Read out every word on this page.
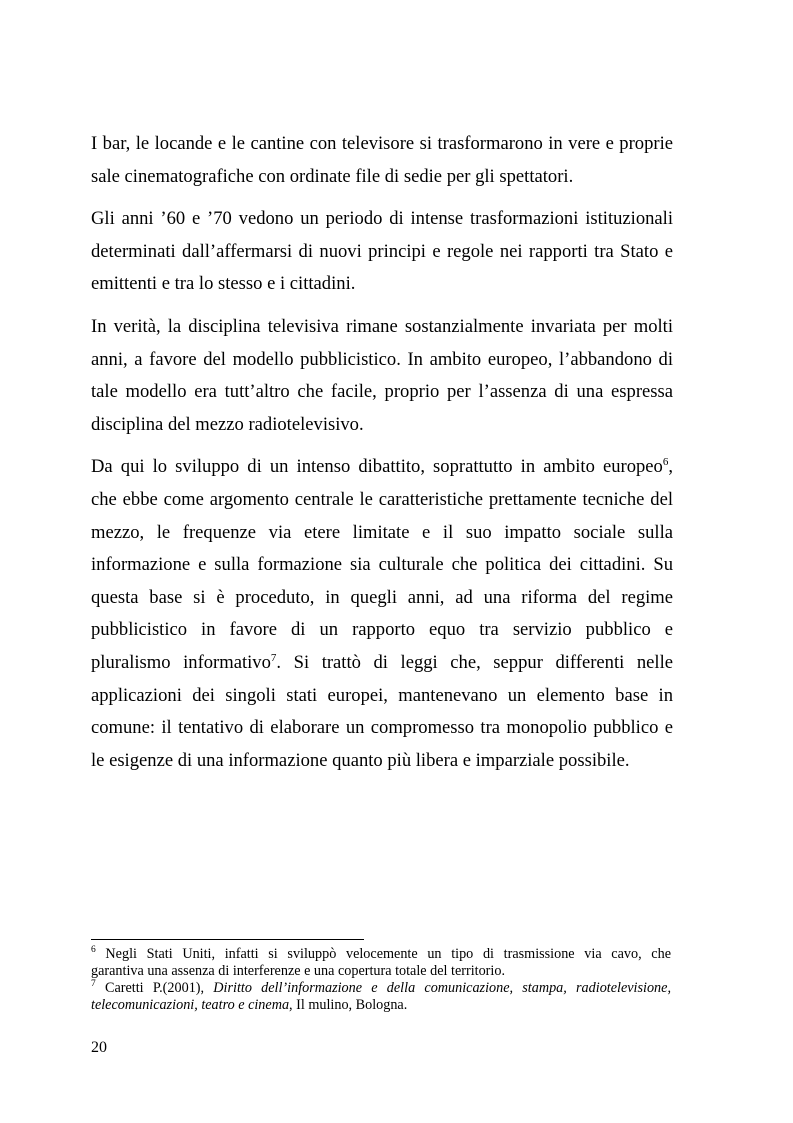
I bar, le locande e le cantine con televisore si trasformarono in vere e proprie
sale cinematografiche con ordinate file di sedie per gli spettatori.

Gli anni ’60 e ’70 vedono un periodo di intense trasformazioni istituzionali
determinati dall’affermarsi di nuovi principi e regole nei rapporti tra Stato e
emittenti e tra lo stesso e i cittadini.

In verità, la disciplina televisiva rimane sostanzialmente invariata per molti
anni, a favore del modello pubblicistico. In ambito europeo, l’abbandono di
tale modello era tutt’altro che facile, proprio per l’assenza di una espressa
disciplina del mezzo radiotelevisivo.

Da qui lo sviluppo di un intenso dibattito, soprattutto in ambito europeo$^6$,
che ebbe come argomento centrale le caratteristiche prettamente tecniche del
mezzo, le frequenze via etere limitate e il suo impatto sociale sulla
informazione e sulla formazione sia culturale che politica dei cittadini. Su
questa base si è proceduto, in quegli anni, ad una riforma del regime
pubblicistico in favore di un rapporto equo tra servizio pubblico e
pluralismo informativo$^7$. Si trattò di leggi che, seppur differenti nelle
applicazioni dei singoli stati europei, mantenevano un elemento base in
comune: il tentativo di elaborare un compromesso tra monopolio pubblico e
le esigenze di una informazione quanto più libera e imparziale possibile.

$^6$ Negli Stati Uniti, infatti si sviluppò velocemente un tipo di trasmissione via cavo, che
garantiva una assenza di interferenze e una copertura totale del territorio.
$^7$ Caretti P.(2001), Diritto dell’informazione e della comunicazione, stampa, radiotelevisione,
telecomunicazioni, teatro e cinema, Il mulino, Bologna.
20
